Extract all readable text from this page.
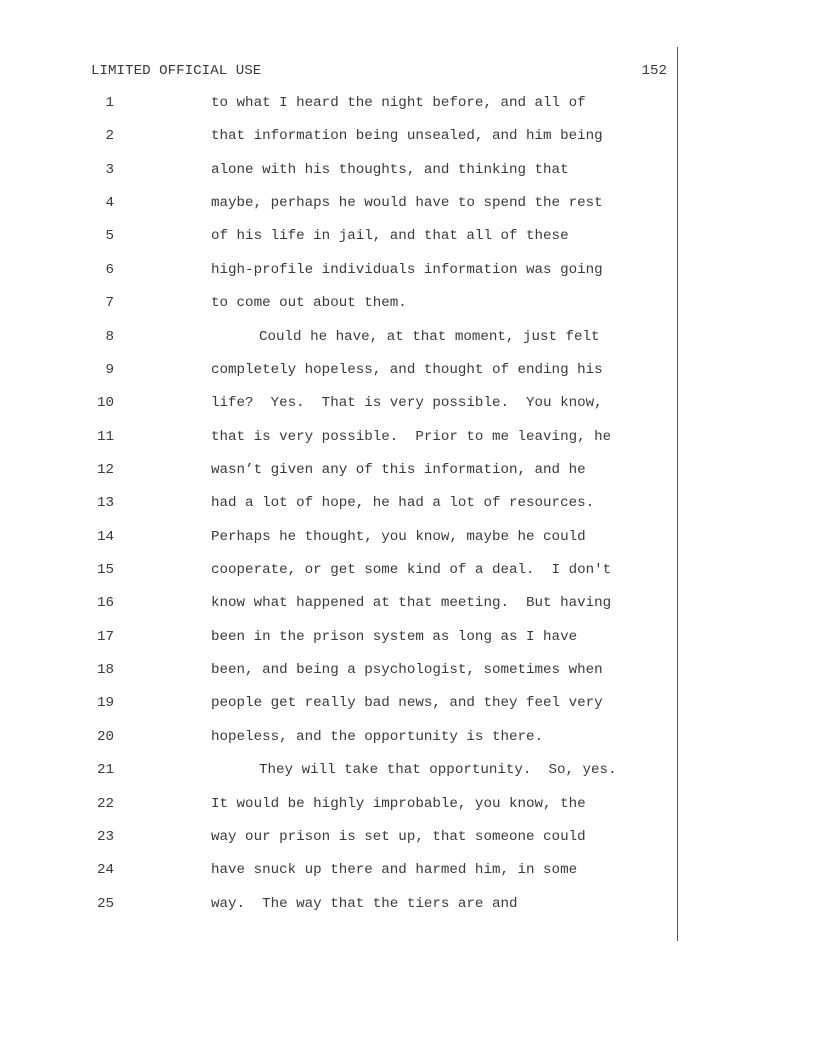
LIMITED OFFICIAL USE	152
1	to what I heard the night before, and all of
2	that information being unsealed, and him being
3	alone with his thoughts, and thinking that
4	maybe, perhaps he would have to spend the rest
5	of his life in jail, and that all of these
6	high-profile individuals information was going
7	to come out about them.
8	Could he have, at that moment, just felt
9	completely hopeless, and thought of ending his
10	life?  Yes.  That is very possible.  You know,
11	that is very possible.  Prior to me leaving, he
12	wasn’t given any of this information, and he
13	had a lot of hope, he had a lot of resources.
14	Perhaps he thought, you know, maybe he could
15	cooperate, or get some kind of a deal.  I don't
16	know what happened at that meeting.  But having
17	been in the prison system as long as I have
18	been, and being a psychologist, sometimes when
19	people get really bad news, and they feel very
20	hopeless, and the opportunity is there.
21	They will take that opportunity.  So, yes.
22	It would be highly improbable, you know, the
23	way our prison is set up, that someone could
24	have snuck up there and harmed him, in some
25	way.  The way that the tiers are and
